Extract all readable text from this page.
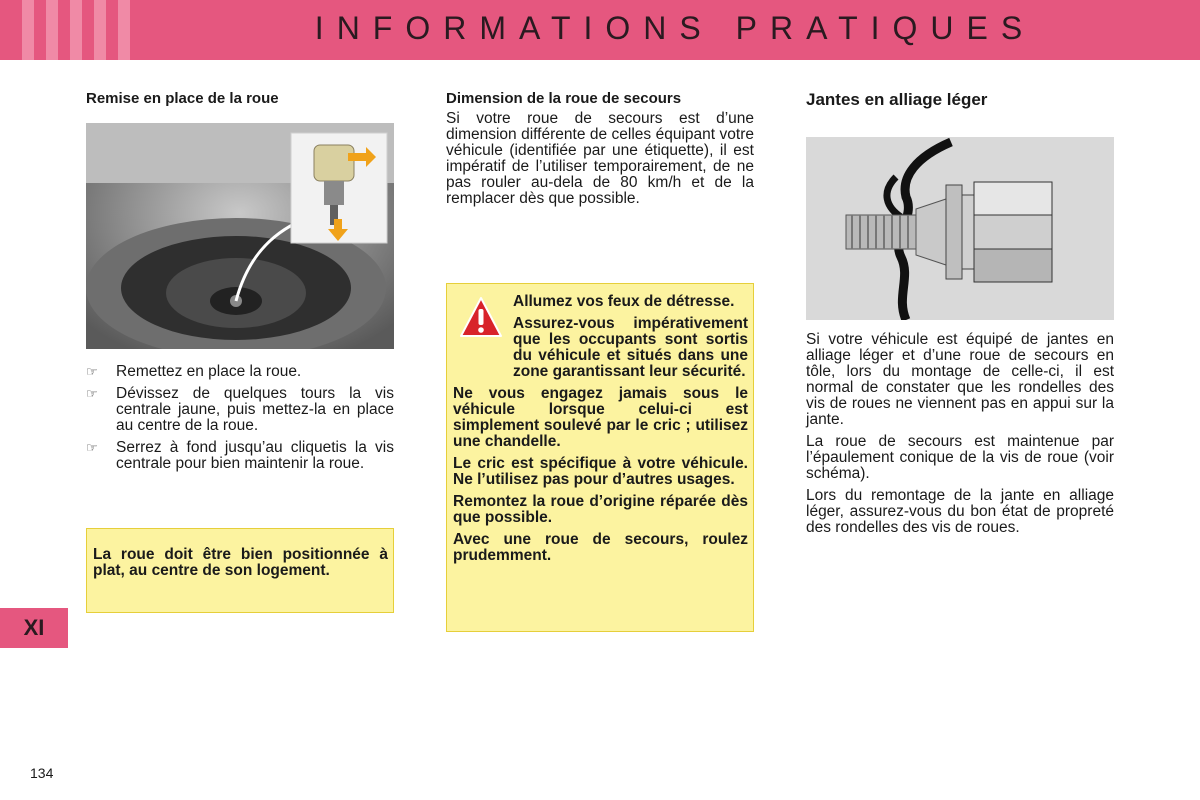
INFORMATIONS PRATIQUES
Remise en place de la roue
☞ Remettez en place la roue.
☞ Dévissez de quelques tours la vis centrale jaune, puis mettez-la en place au centre de la roue.
☞ Serrez à fond jusqu’au cliquetis la vis centrale pour bien maintenir la roue.

La roue doit être bien positionnée à plat, au centre de son logement.

Dimension de la roue de secours

Si votre roue de secours est d’une dimension différente de celles équipant votre véhicule (identifiée par une étiquette), il est impératif de l’utiliser temporairement, de ne pas rouler au-dela de 80 km/h et de la remplacer dès que possible.

Allumez vos feux de détresse.

Assurez-vous impérativement que les occupants sont sortis du véhicule et situés dans une zone garantissant leur sécurité.

Ne vous engagez jamais sous le véhicule lorsque celui-ci est simplement soulevé par le cric ; utilisez une chandelle.

Le cric est spécifique à votre véhicule. Ne l’utilisez pas pour d’autres usages.

Remontez la roue d’origine réparée dès que possible.

Avec une roue de secours, roulez prudemment.

Jantes en alliage léger

Si votre véhicule est équipé de jantes en alliage léger et d’une roue de secours en tôle, lors du montage de celle-ci, il est normal de constater que les rondelles des vis de roues ne viennent pas en appui sur la jante.

La roue de secours est maintenue par l’épaulement conique de la vis de roue (voir schéma).

Lors du remontage de la jante en alliage léger, assurez-vous du bon état de propreté des rondelles des vis de roues.

XI
134
